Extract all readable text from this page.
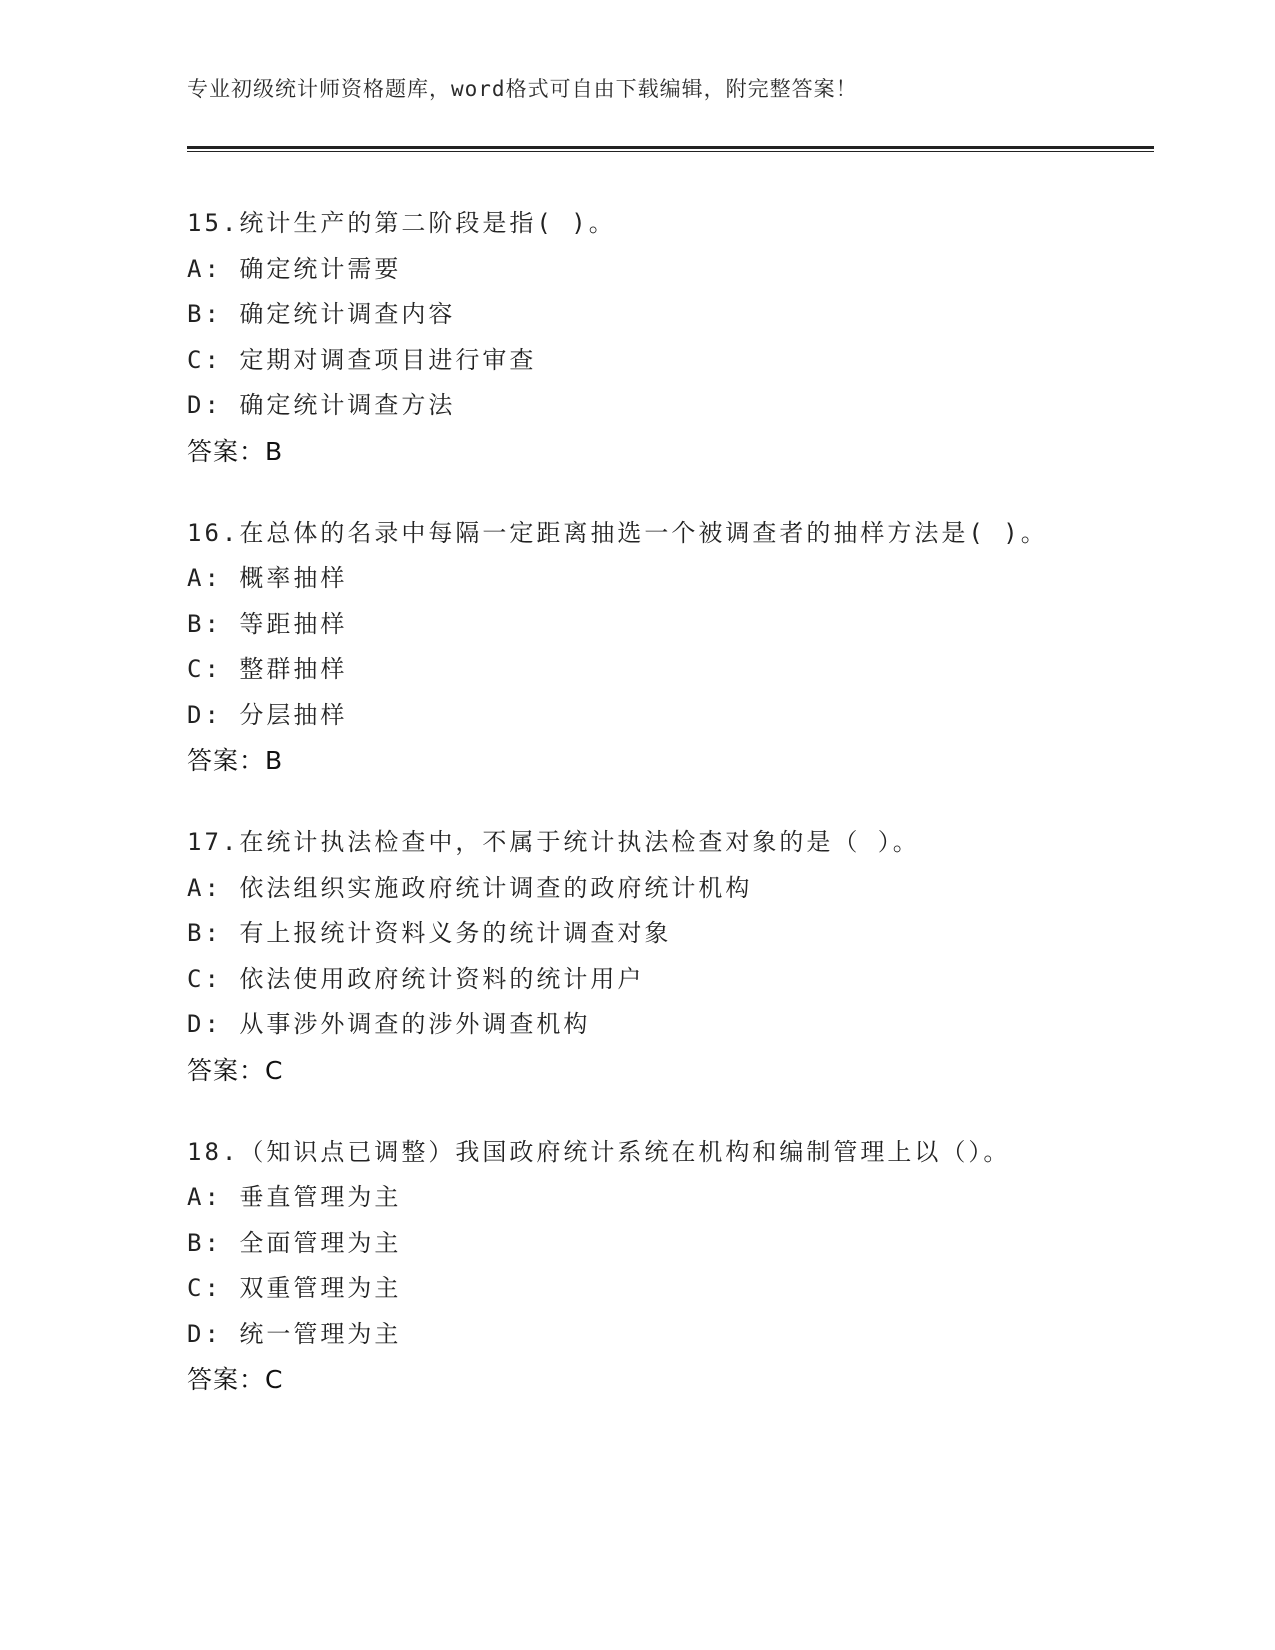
专业初级统计师资格题库，word格式可自由下载编辑，附完整答案！
15.统计生产的第二阶段是指( )。
A: 确定统计需要
B: 确定统计调查内容
C: 定期对调查项目进行审查
D: 确定统计调查方法
答案：B
16.在总体的名录中每隔一定距离抽选一个被调查者的抽样方法是( )。
A: 概率抽样
B: 等距抽样
C: 整群抽样
D: 分层抽样
答案：B
17.在统计执法检查中，不属于统计执法检查对象的是（ ）。
A: 依法组织实施政府统计调查的政府统计机构
B: 有上报统计资料义务的统计调查对象
C: 依法使用政府统计资料的统计用户
D: 从事涉外调查的涉外调查机构
答案：C
18.（知识点已调整）我国政府统计系统在机构和编制管理上以（）。
A: 垂直管理为主
B: 全面管理为主
C: 双重管理为主
D: 统一管理为主
答案：C
